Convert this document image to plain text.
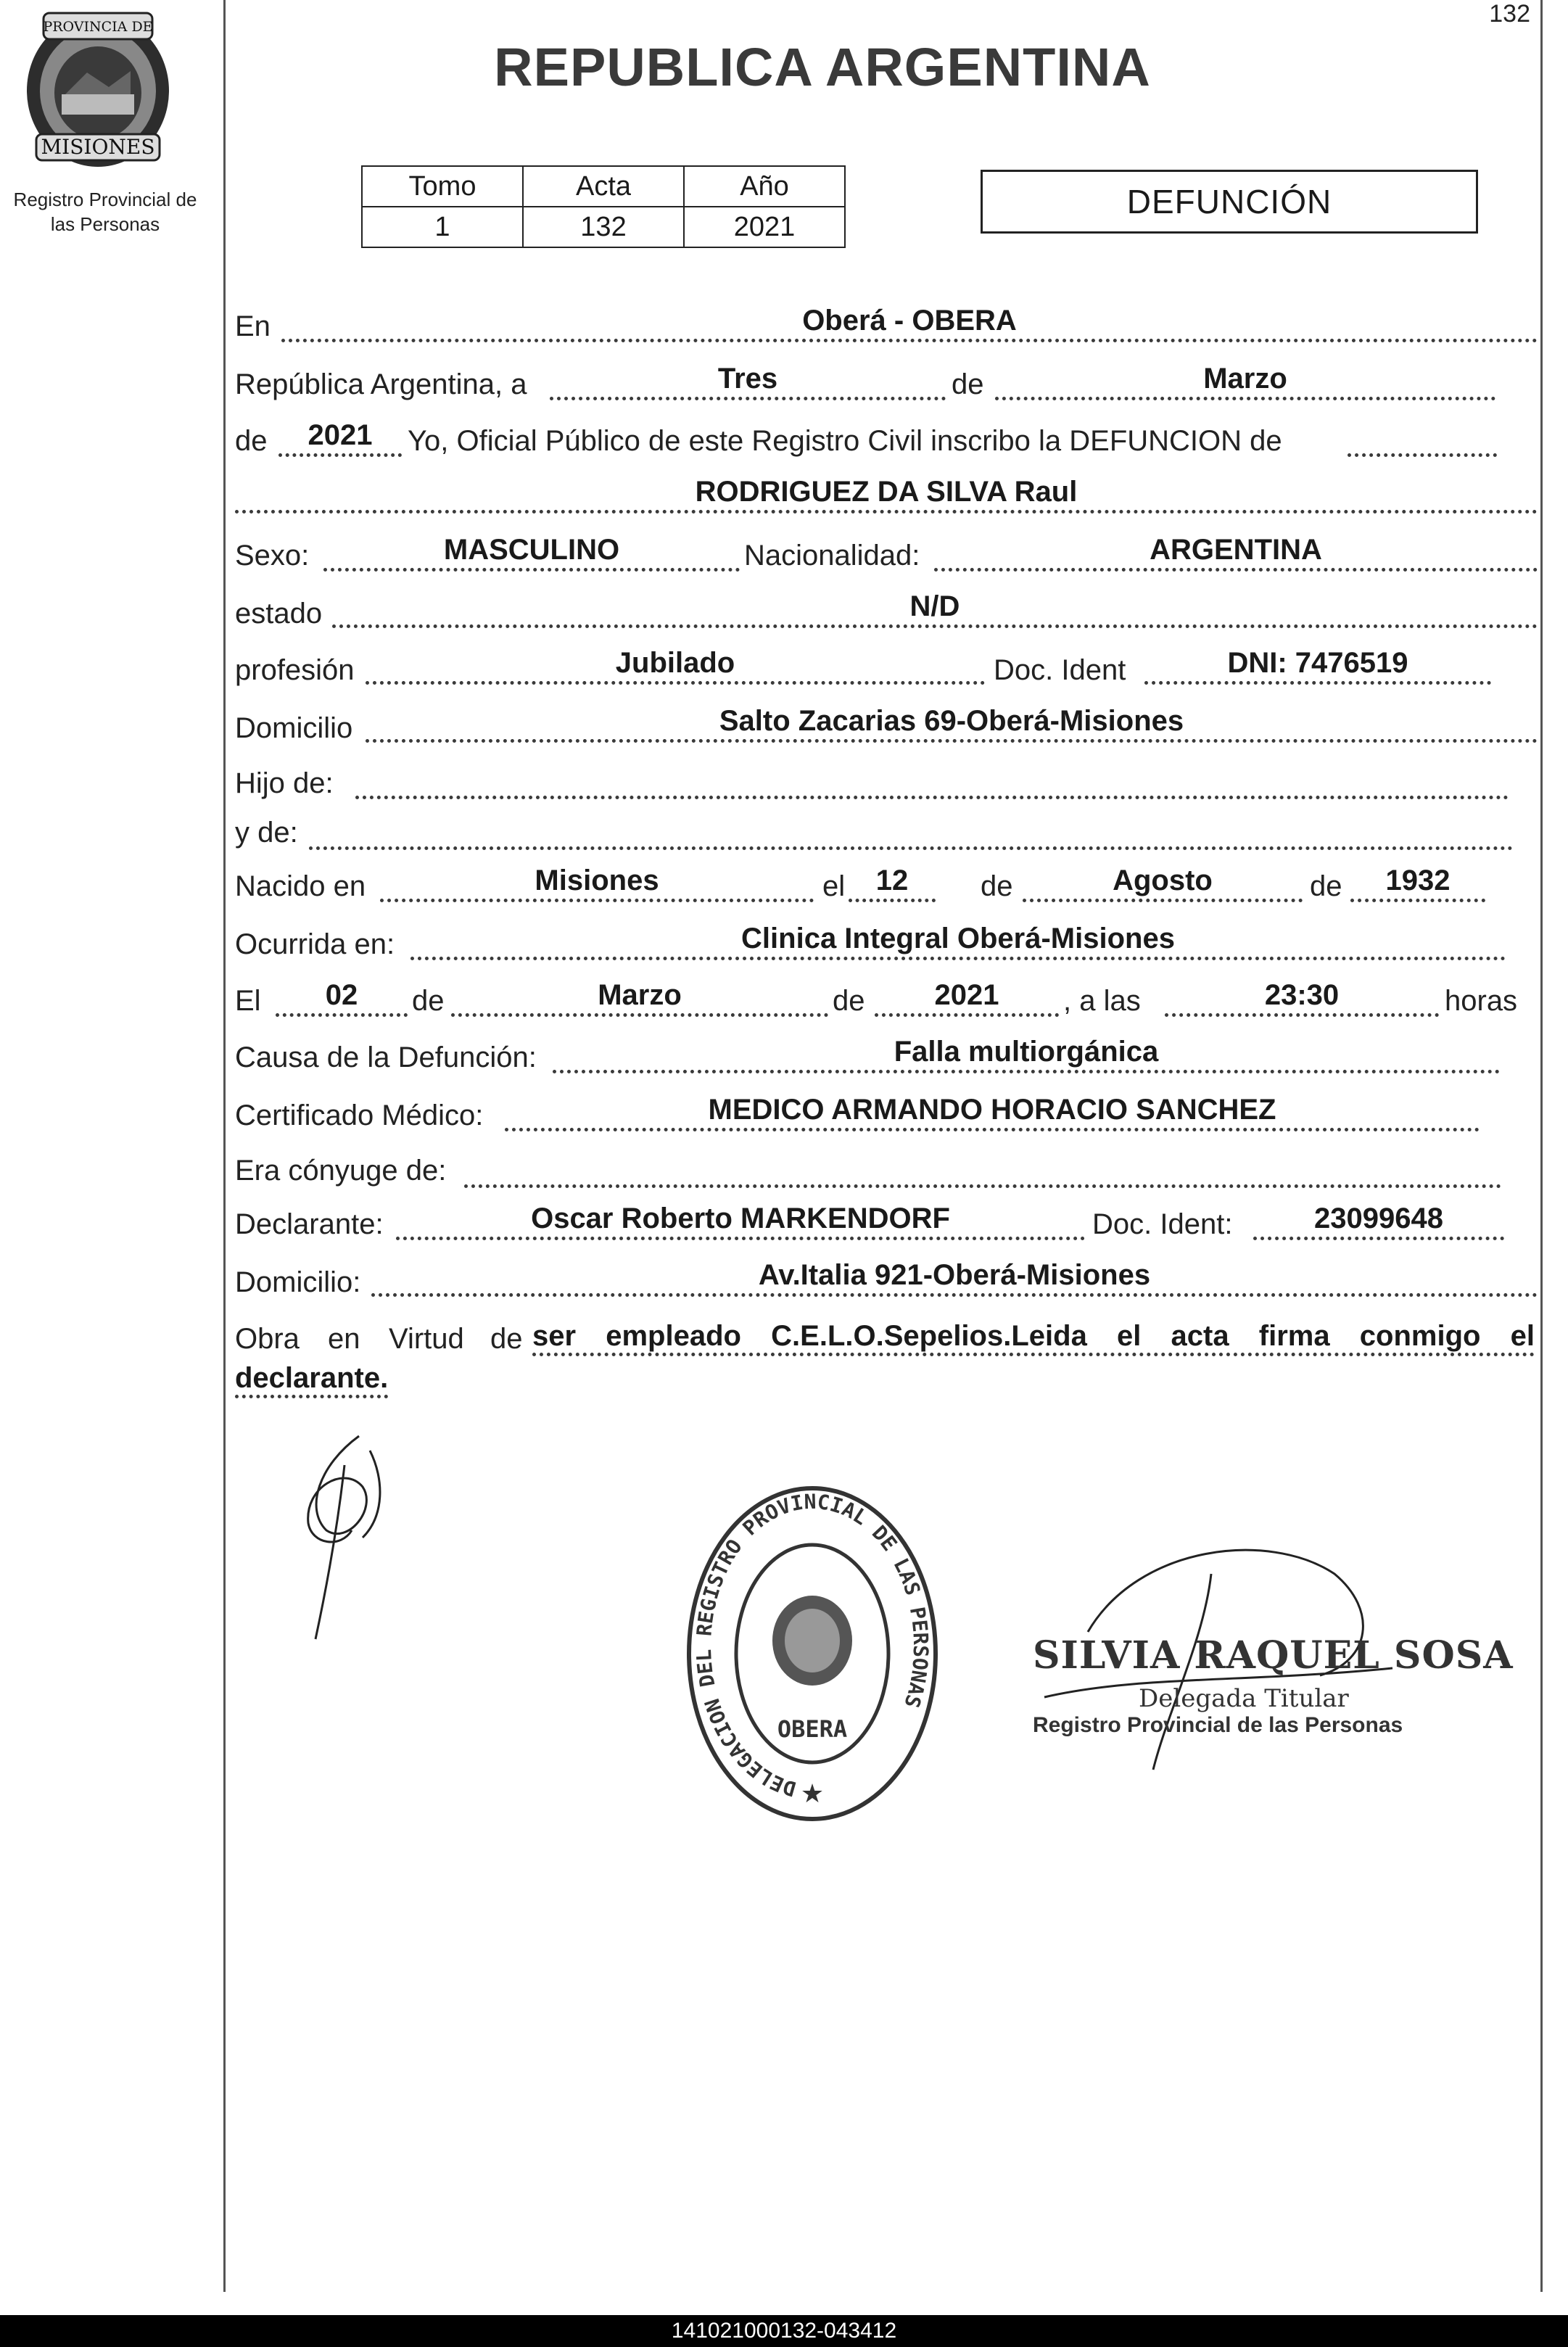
132
MISIONES
PROVINCIA DE
Registro Provincial de
las Personas
REPUBLICA ARGENTINA
Tomo	Acta	Año
1	132	2021
DEFUNCIÓN
En	Oberá - OBERA
República Argentina, a	Tres	de	Marzo
de 2021 Yo, Oficial Público de este Registro Civil inscribo la DEFUNCION de
RODRIGUEZ DA SILVA Raul
Sexo:	MASCULINO	Nacionalidad:	ARGENTINA
estado	N/D
profesión	Jubilado	Doc. Ident	DNI: 7476519
Domicilio	Salto Zacarias 69-Oberá-Misiones
Hijo de:
y de:
Nacido en	Misiones	el 12 de	Agosto	de 1932
Ocurrida en:	Clinica Integral Oberá-Misiones
El 02 de	Marzo	de 2021 , a las	23:30	horas
Causa de la Defunción:	Falla multiorgánica
Certificado Médico:	MEDICO ARMANDO HORACIO SANCHEZ
Era cónyuge de:
Declarante:	Oscar Roberto MARKENDORF	Doc. Ident:	23099648
Domicilio:	Av.Italia 921-Oberá-Misiones
Obra en Virtud de ser empleado C.E.L.O.Sepelios.Leida el acta firma conmigo el
declarante.
DELEGACION DEL REGISTRO PROVINCIAL DE LAS PERSONAS
OBERA
★
SILVIA RAQUEL SOSA
Delegada Titular
Registro Provincial de las Personas
141021000132-043412
